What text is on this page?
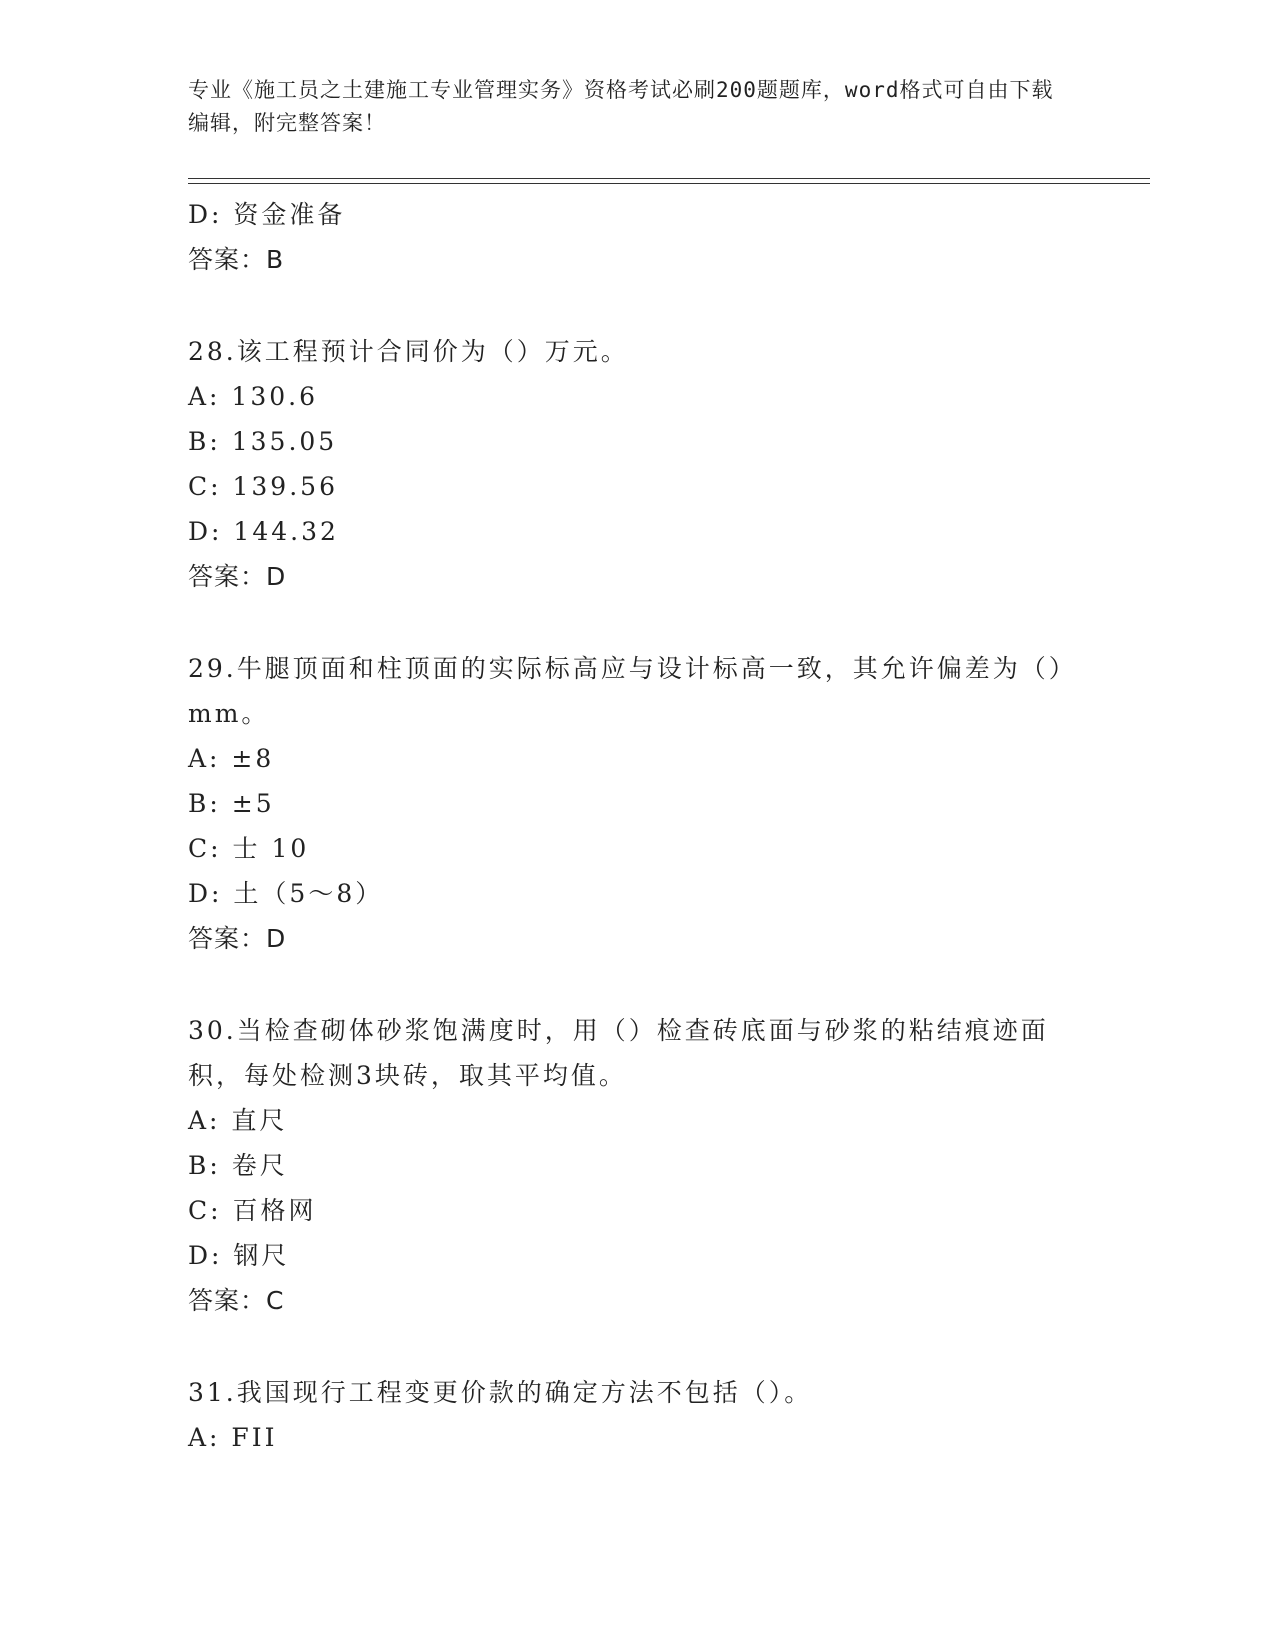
专业《施工员之土建施工专业管理实务》资格考试必刷200题题库，word格式可自由下载编辑，附完整答案！
D: 资金准备
答案：B
28.该工程预计合同价为（）万元。
A: 130.6
B: 135.05
C: 139.56
D: 144.32
答案：D
29.牛腿顶面和柱顶面的实际标高应与设计标高一致，其允许偏差为（）mm。
A: ±8
B: ±5
C: 士 10
D: 土（5～8）
答案：D
30.当检查砌体砂浆饱满度时，用（）检查砖底面与砂浆的粘结痕迹面积，每处检测3块砖，取其平均值。
A: 直尺
B: 卷尺
C: 百格网
D: 钢尺
答案：C
31.我国现行工程变更价款的确定方法不包括（）。
A: FII
